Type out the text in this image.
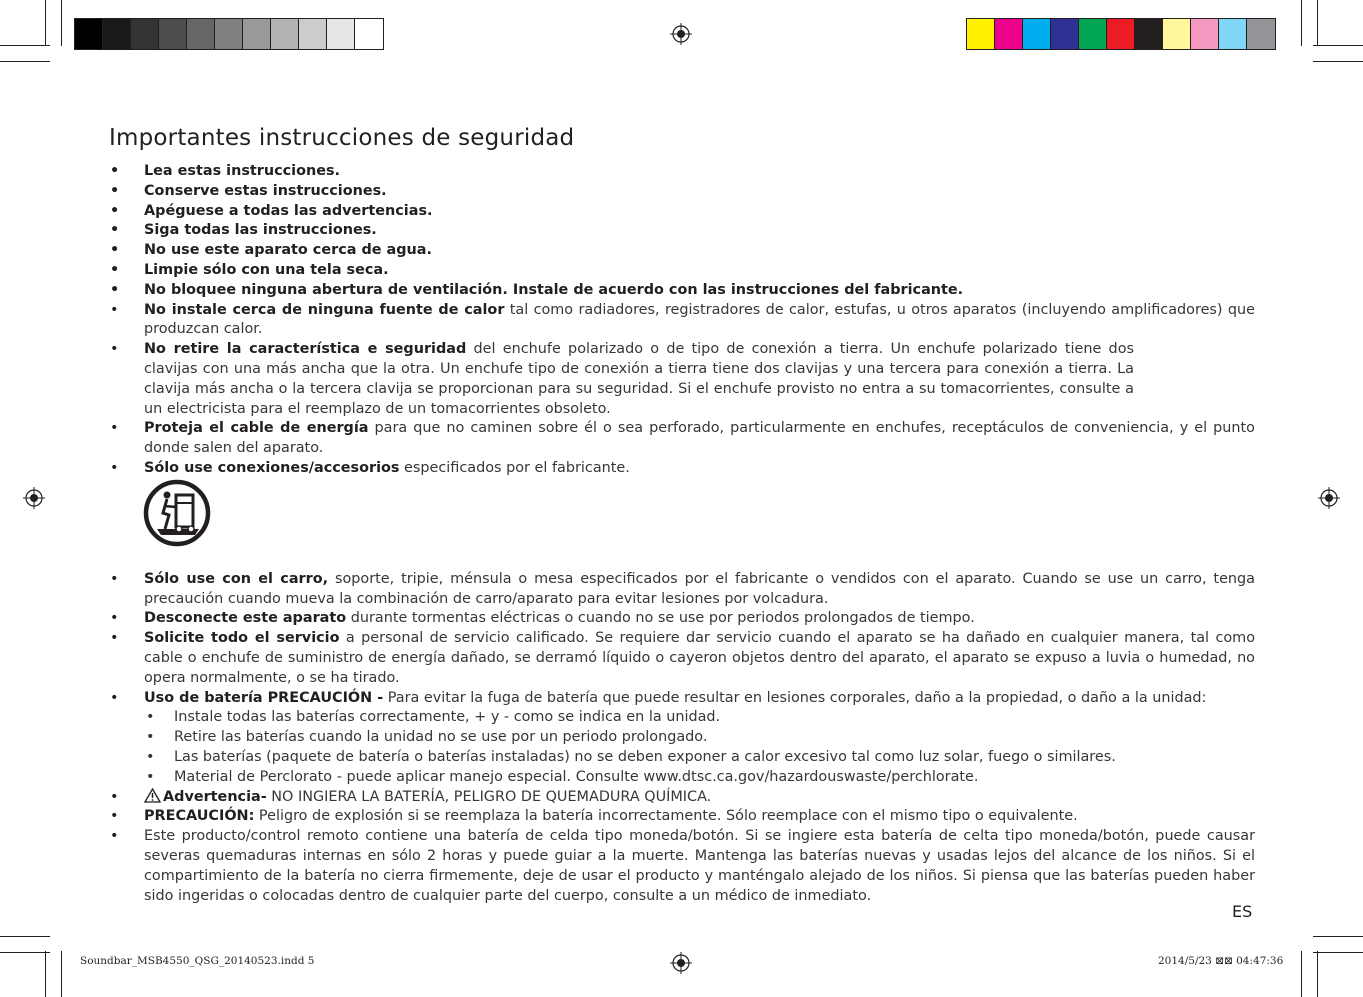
Importantes instrucciones de seguridad
• Lea estas instrucciones.
• Conserve estas instrucciones.
• Apéguese a todas las advertencias.
• Siga todas las instrucciones.
• No use este aparato cerca de agua.
• Limpie sólo con una tela seca.
• No bloquee ninguna abertura de ventilación. Instale de acuerdo con las instrucciones del fabricante.
• No instale cerca de ninguna fuente de calor tal como radiadores, registradores de calor, estufas, u otros aparatos (incluyendo amplificadores) que produzcan calor.
• No retire la característica e seguridad del enchufe polarizado o de tipo de conexión a tierra. Un enchufe polarizado tiene dos clavijas con una más ancha que la otra. Un enchufe tipo de conexión a tierra tiene dos clavijas y una tercera para conexión a tierra. La clavija más ancha o la tercera clavija se proporcionan para su seguridad. Si el enchufe provisto no entra a su tomacorrientes, consulte a un electricista para el reemplazo de un tomacorrientes obsoleto.
• Proteja el cable de energía para que no caminen sobre él o sea perforado, particularmente en enchufes, receptáculos de conveniencia, y el punto donde salen del aparato.
• Sólo use conexiones/accesorios especificados por el fabricante.
• Sólo use con el carro, soporte, tripie, ménsula o mesa especificados por el fabricante o vendidos con el aparato. Cuando se use un carro, tenga precaución cuando mueva la combinación de carro/aparato para evitar lesiones por volcadura.
• Desconecte este aparato durante tormentas eléctricas o cuando no se use por periodos prolongados de tiempo.
• Solicite todo el servicio a personal de servicio calificado. Se requiere dar servicio cuando el aparato se ha dañado en cualquier manera, tal como cable o enchufe de suministro de energía dañado, se derramó líquido o cayeron objetos dentro del aparato, el aparato se expuso a luvia o humedad, no opera normalmente, o se ha tirado.
• Uso de batería PRECAUCIÓN - Para evitar la fuga de batería que puede resultar en lesiones corporales, daño a la propiedad, o daño a la unidad:
• Instale todas las baterías correctamente, + y - como se indica en la unidad.
• Retire las baterías cuando la unidad no se use por un periodo prolongado.
• Las baterías (paquete de batería o baterías instaladas) no se deben exponer a calor excesivo tal como luz solar, fuego o similares.
• Material de Perclorato - puede aplicar manejo especial. Consulte www.dtsc.ca.gov/hazardouswaste/perchlorate.
•	Advertencia- NO INGIERA LA BATERÍA, PELIGRO DE QUEMADURA QUÍMICA.
• PRECAUCIÓN: Peligro de explosión si se reemplaza la batería incorrectamente. Sólo reemplace con el mismo tipo o equivalente.
• Este producto/control remoto contiene una batería de celda tipo moneda/botón. Si se ingiere esta batería de celta tipo moneda/botón, puede causar severas quemaduras internas en sólo 2 horas y puede guiar a la muerte. Mantenga las baterías nuevas y usadas lejos del alcance de los niños. Si el compartimiento de la batería no cierra firmemente, deje de usar el producto y manténgalo alejado de los niños. Si piensa que las baterías pueden haber sido ingeridas o colocadas dentro de cualquier parte del cuerpo, consulte a un médico de inmediato.
ES
Soundbar_MSB4550_QSG_20140523.indd 5	2014/5/23 ⊠⊠ 04:47:36
